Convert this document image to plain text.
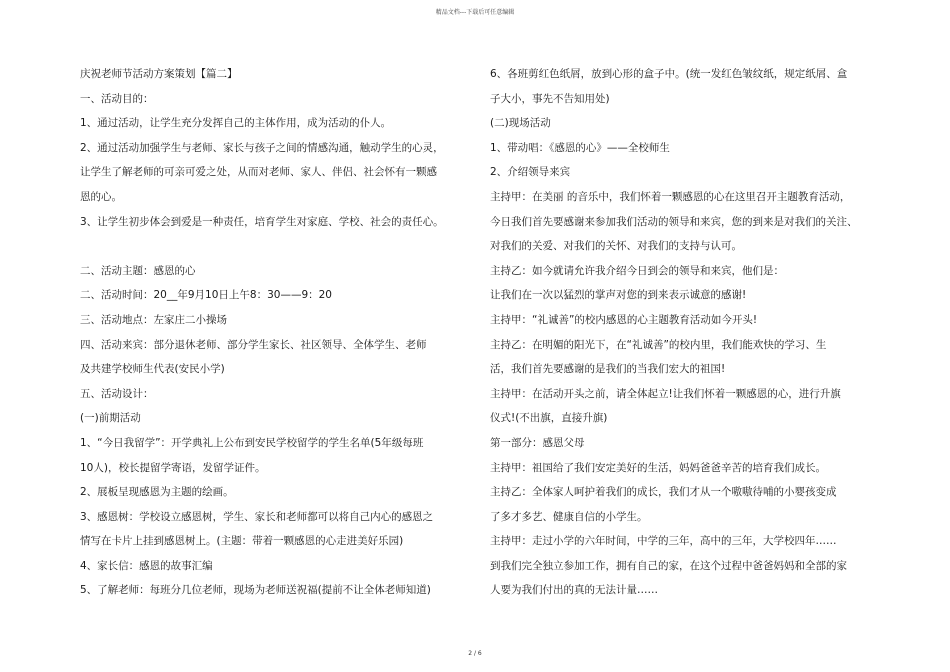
精品文档---下载后可任意编辑

庆祝老师节活动方案策划【篇二】

一、活动目的：

1、通过活动，让学生充分发挥自己的主体作用，成为活动的仆人。

2、通过活动加强学生与老师、家长与孩子之间的情感沟通，触动学生的心灵，

让学生了解老师的可亲可爱之处，从而对老师、家人、伴侣、社会怀有一颗感

恩的心。

3、让学生初步体会到爱是一种责任，培育学生对家庭、学校、社会的责任心。

二、活动主题：感恩的心

二、活动时间：20__年9月10日上午8：30——9：20

三、活动地点：左家庄二小操场

四、活动来宾：部分退休老师、部分学生家长、社区领导、全体学生、老师

及共建学校师生代表(安民小学)

五、活动设计：

(一)前期活动

1、“今日我留学”：开学典礼上公布到安民学校留学的学生名单(5年级每班

10人)，校长提留学寄语，发留学证件。

2、展板呈现感恩为主题的绘画。

3、感恩树：学校设立感恩树，学生、家长和老师都可以将自己内心的感恩之

情写在卡片上挂到感恩树上。(主题：带着一颗感恩的心走进美好乐园)

4、家长信：感恩的故事汇编

5、了解老师：每班分几位老师，现场为老师送祝福(提前不让全体老师知道)

6、各班剪红色纸屑，放到心形的盒子中。(统一发红色皱纹纸，规定纸屑、盒

子大小，事先不告知用处)

(二)现场活动

1、带动唱：《感恩的心》——全校师生

2、介绍领导来宾

主持甲：在美丽 的音乐中，我们怀着一颗感恩的心在这里召开主题教育活动，

今日我们首先要感谢来参加我们活动的领导和来宾，您的到来是对我们的关注、

对我们的关爱、对我们的关怀、对我们的支持与认可。

主持乙：如今就请允许我介绍今日到会的领导和来宾，他们是：

让我们在一次以猛烈的掌声对您的到来表示诚意的感谢!

主持甲：“礼诚善”的校内感恩的心主题教育活动如今开头!

主持乙：在明媚的阳光下，在“礼诚善”的校内里，我们能欢快的学习、生

活，我们首先要感谢的是我们的当我们宏大的祖国!

主持甲：在活动开头之前，请全体起立!让我们怀着一颗感恩的心，进行升旗

仪式!(不出旗，直接升旗)

第一部分：感恩父母

主持甲：祖国给了我们安定美好的生活，妈妈爸爸辛苦的培育我们成长。

主持乙：全体家人呵护着我们的成长，我们才从一个嗷嗷待哺的小婴孩变成

了多才多艺、健康自信的小学生。

主持甲：走过小学的六年时间，中学的三年，高中的三年，大学校四年……

到我们完全独立参加工作，拥有自己的家，在这个过程中爸爸妈妈和全部的家

人要为我们付出的真的无法计量……

2 / 6
